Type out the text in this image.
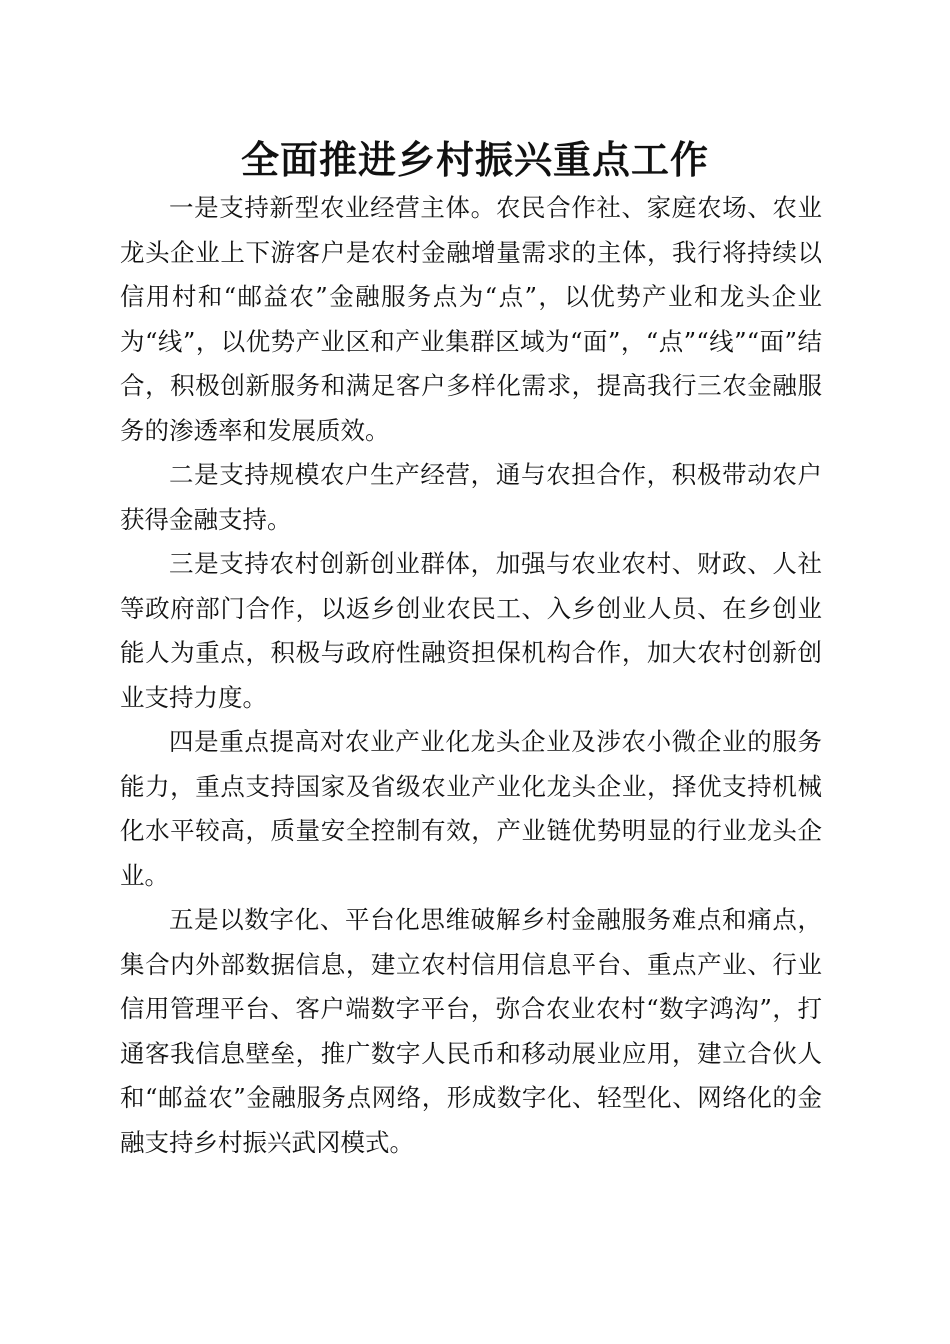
全面推进乡村振兴重点工作

一是支持新型农业经营主体。农民合作社、家庭农场、农业龙头企业上下游客户是农村金融增量需求的主体，我行将持续以信用村和“邮益农”金融服务点为“点”，以优势产业和龙头企业为“线”，以优势产业区和产业集群区域为“面”，“点”“线”“面”结合，积极创新服务和满足客户多样化需求，提高我行三农金融服务的渗透率和发展质效。

二是支持规模农户生产经营，通与农担合作，积极带动农户获得金融支持。

三是支持农村创新创业群体，加强与农业农村、财政、人社等政府部门合作，以返乡创业农民工、入乡创业人员、在乡创业能人为重点，积极与政府性融资担保机构合作，加大农村创新创业支持力度。

四是重点提高对农业产业化龙头企业及涉农小微企业的服务能力，重点支持国家及省级农业产业化龙头企业，择优支持机械化水平较高，质量安全控制有效，产业链优势明显的行业龙头企业。

五是以数字化、平台化思维破解乡村金融服务难点和痛点，集合内外部数据信息，建立农村信用信息平台、重点产业、行业信用管理平台、客户端数字平台，弥合农业农村“数字鸿沟”，打通客我信息壁垒，推广数字人民币和移动展业应用，建立合伙人和“邮益农”金融服务点网络，形成数字化、轻型化、网络化的金融支持乡村振兴武冈模式。
